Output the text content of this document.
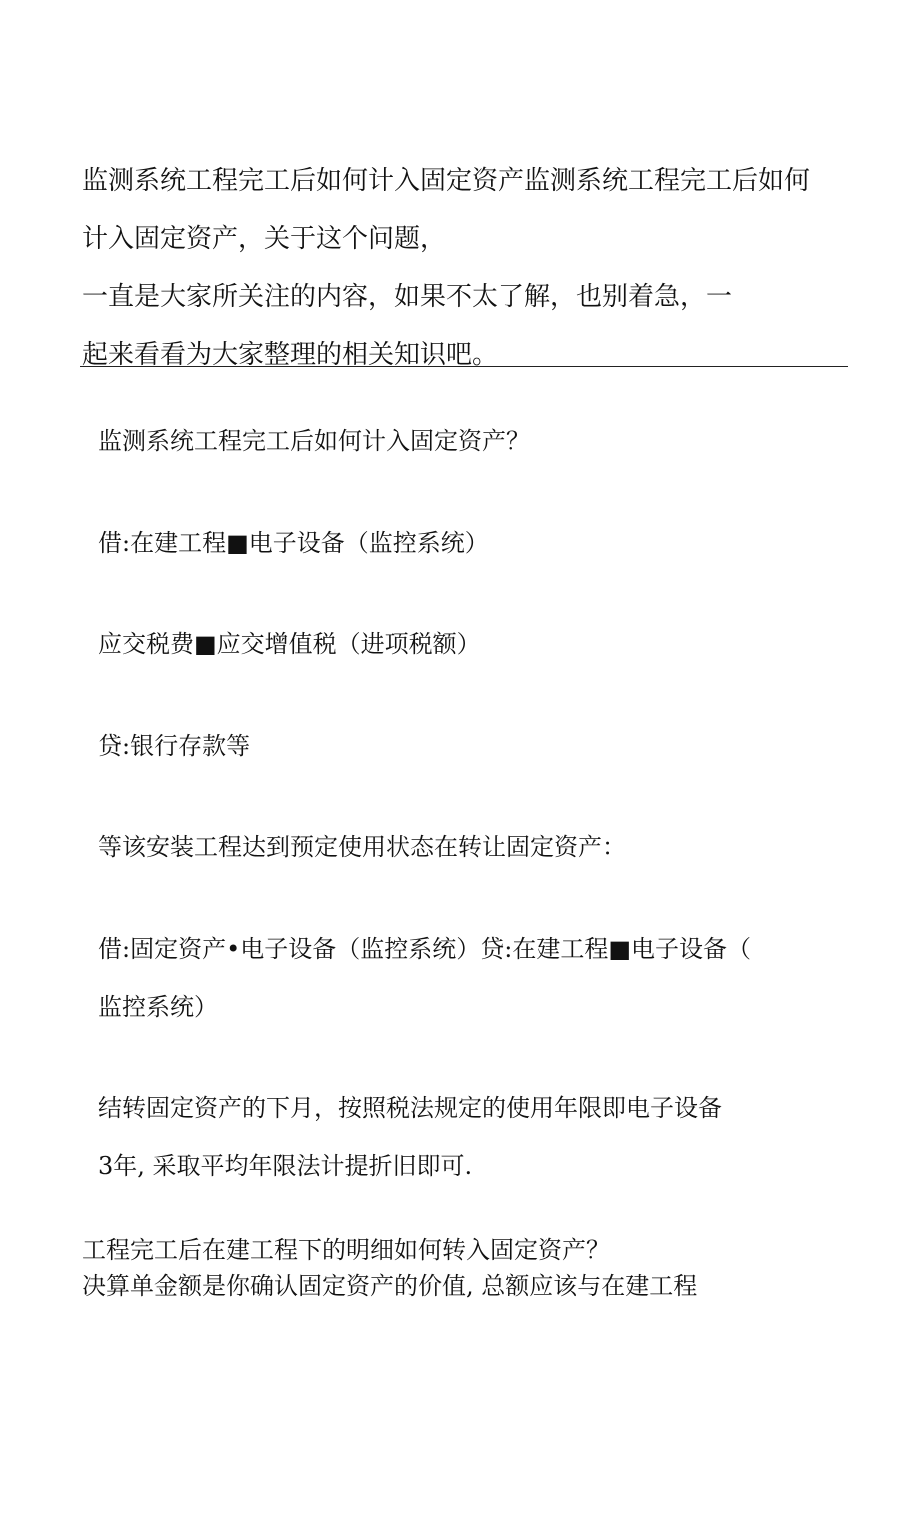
监测系统工程完工后如何计入固定资产监测系统工程完工后如何
计入固定资产，关于这个问题，
一直是大家所关注的内容，如果不太了解，也别着急，一
起来看看为大家整理的相关知识吧。
监测系统工程完工后如何计入固定资产？
借:在建工程■电子设备（监控系统）
应交税费■应交增值税（进项税额）
贷:银行存款等
等该安装工程达到预定使用状态在转让固定资产：
借:固定资产•电子设备（监控系统）贷:在建工程■电子设备（
监控系统）
结转固定资产的下月，按照税法规定的使用年限即电子设备
3年, 采取平均年限法计提折旧即可.
工程完工后在建工程下的明细如何转入固定资产？
决算单金额是你确认固定资产的价值, 总额应该与在建工程
